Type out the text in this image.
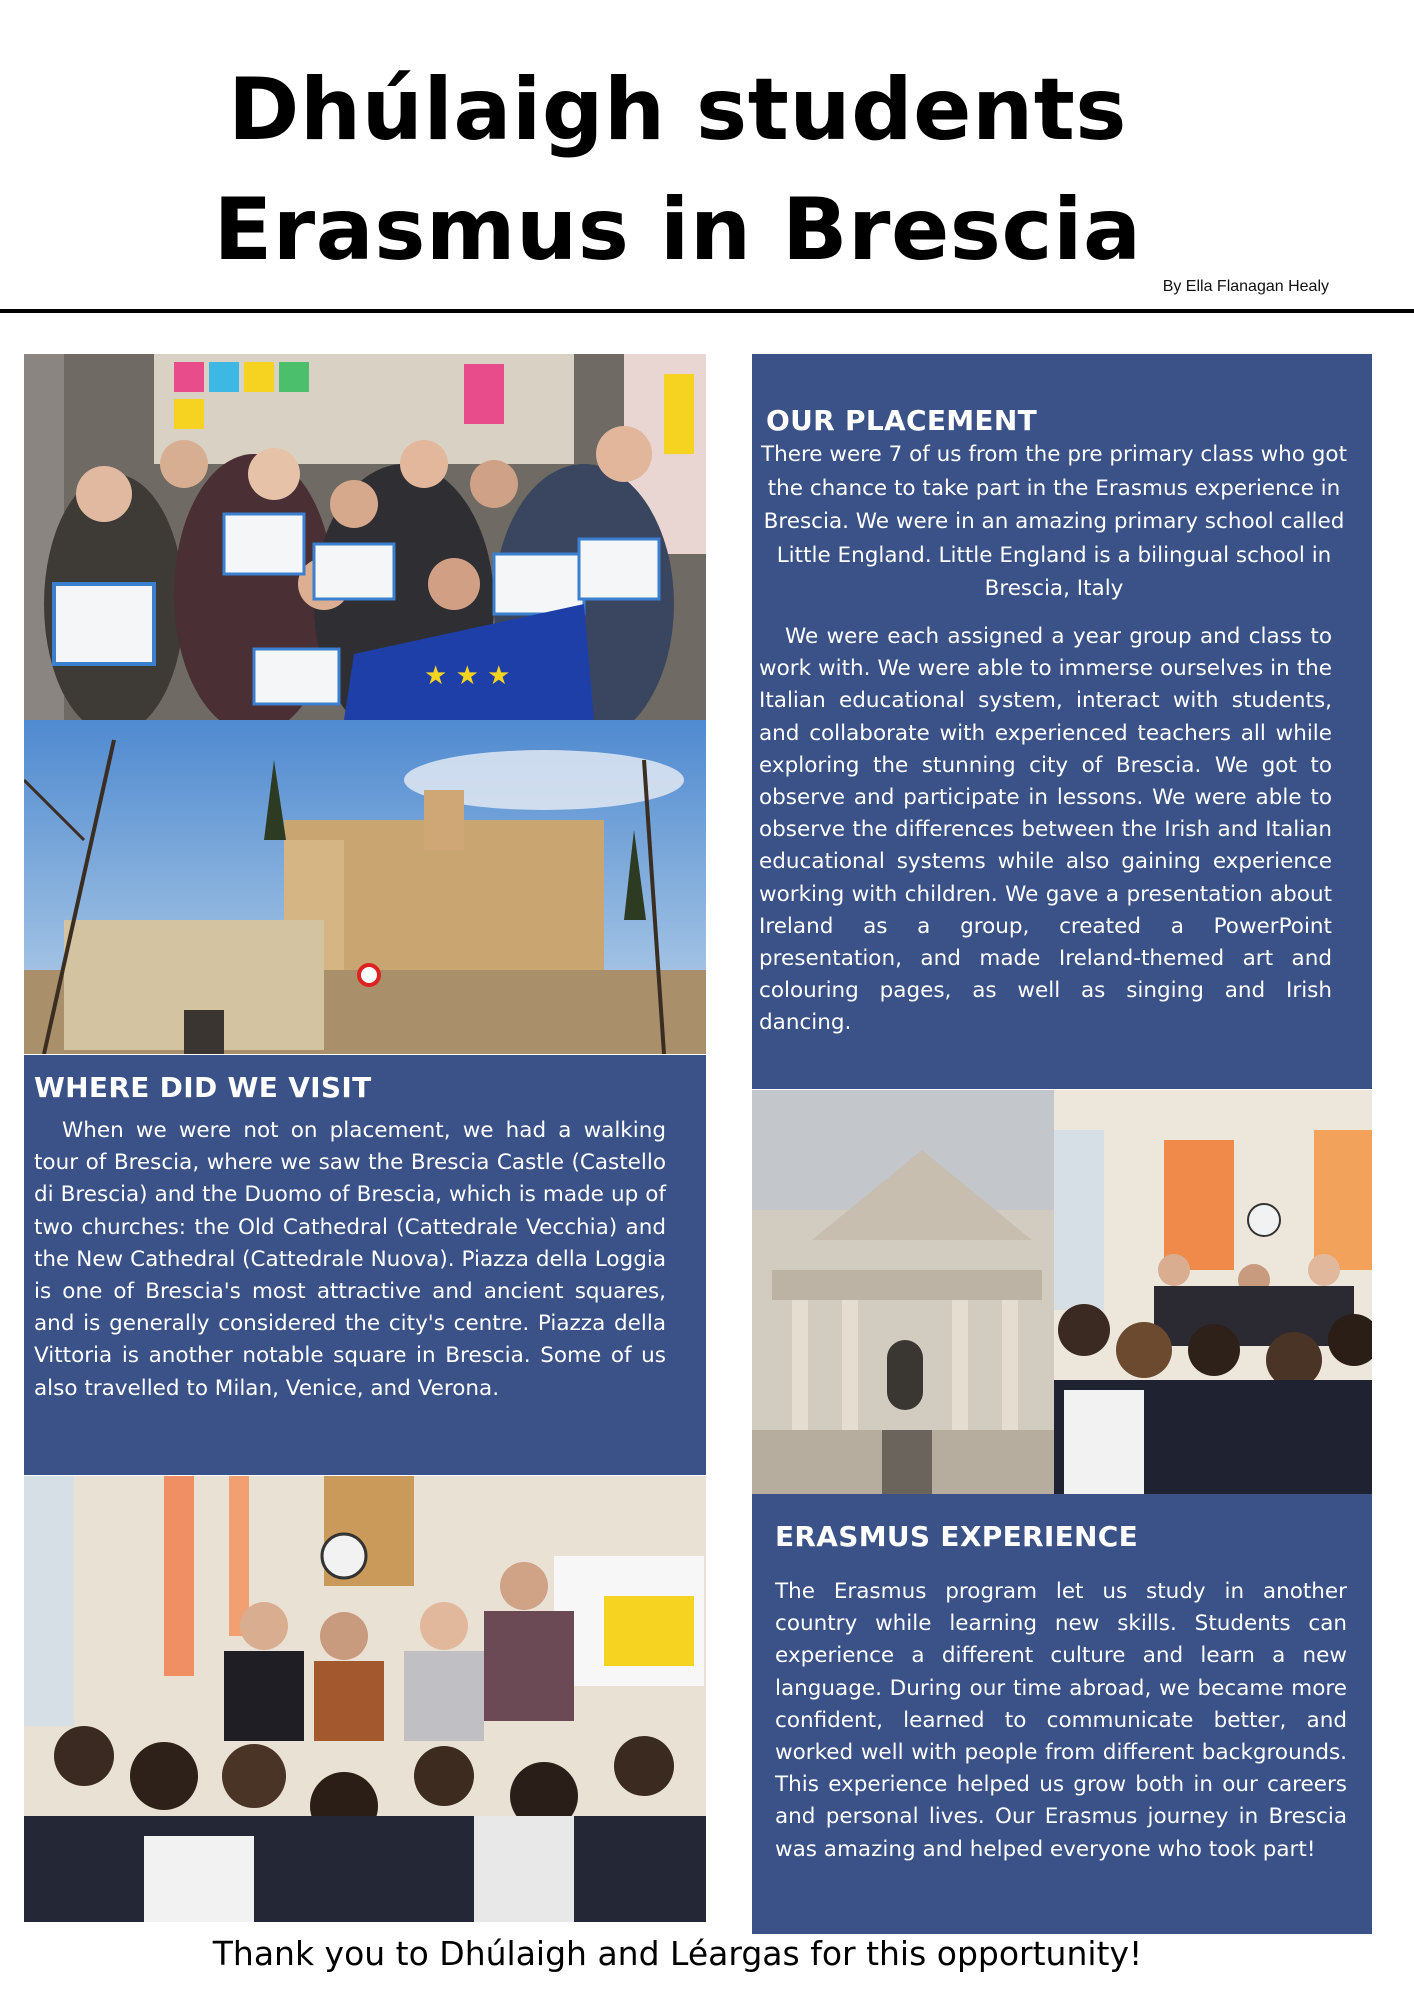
Dhúlaigh students
Erasmus in Brescia
By Ella Flanagan Healy
★ ★ ★
WHERE DID WE VISIT

When we were not on placement, we had a walking tour of Brescia, where we saw the Brescia Castle (Castello di Brescia) and the Duomo of Brescia, which is made up of two churches: the Old Cathedral (Cattedrale Vecchia) and the New Cathedral (Cattedrale Nuova). Piazza della Loggia is one of Brescia's most attractive and ancient squares, and is generally considered the city's centre. Piazza della Vittoria is another notable square in Brescia. Some of us also travelled to Milan, Venice, and Verona.

OUR PLACEMENT

There were 7 of us from the pre primary class who got the chance to take part in the Erasmus experience in Brescia. We were in an amazing primary school called Little England. Little England is a bilingual school in Brescia, Italy

We were each assigned a year group and class to work with. We were able to immerse ourselves in the Italian educational system, interact with students, and collaborate with experienced teachers all while exploring the stunning city of Brescia. We got to observe and participate in lessons. We were able to observe the differences between the Irish and Italian educational systems while also gaining experience working with children. We gave a presentation about Ireland as a group, created a PowerPoint presentation, and made Ireland-themed art and colouring pages, as well as singing and Irish dancing.

ERASMUS EXPERIENCE

The Erasmus program let us study in another country while learning new skills. Students can experience a different culture and learn a new language. During our time abroad, we became more confident, learned to communicate better, and worked well with people from different backgrounds. This experience helped us grow both in our careers and personal lives. Our Erasmus journey in Brescia was amazing and helped everyone who took part!

Thank you to Dhúlaigh and Léargas for this opportunity!
